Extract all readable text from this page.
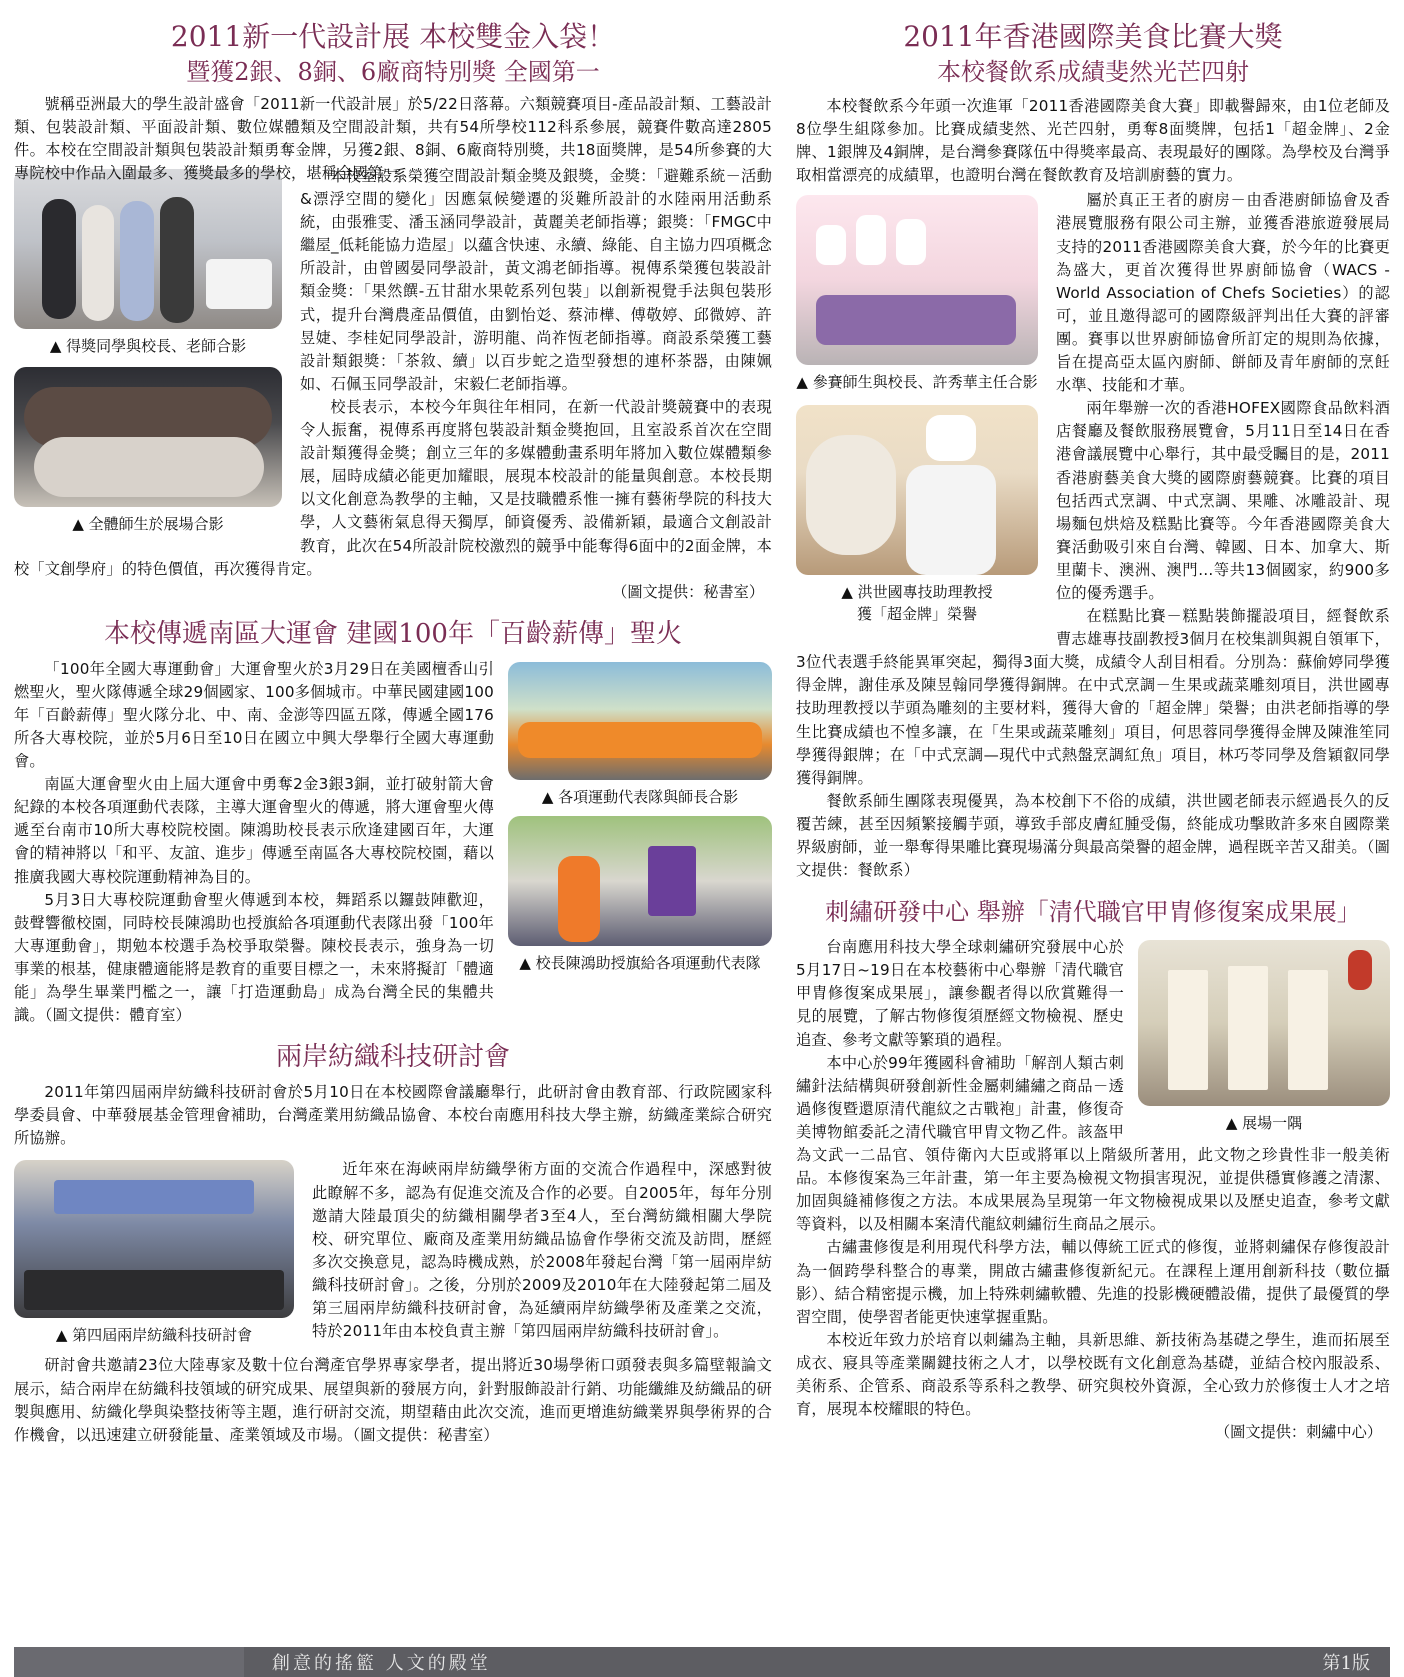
2011新一代設計展 本校雙金入袋！
暨獲2銀、8銅、6廠商特別獎 全國第一
▲ 得獎同學與校長、老師合影
▲ 全體師生於展場合影

號稱亞洲最大的學生設計盛會「2011新一代設計展」於5/22日落幕。六類競賽項目-產品設計類、工藝設計類、包裝設計類、平面設計類、數位媒體類及空間設計類，共有54所學校112科系參展，競賽件數高達2805件。本校在空間設計類與包裝設計類勇奪金牌，另獲2銀、8銅、6廠商特別獎，共18面獎牌，是54所參賽的大專院校中作品入圍最多、獲獎最多的學校，堪稱全國第一。

本校室設系榮獲空間設計類金獎及銀獎，金獎：「避難系統－活動&漂浮空間的變化」因應氣候變遷的災難所設計的水陸兩用活動系統，由張雅雯、潘玉涵同學設計，黃麗美老師指導；銀獎：「FMGC中繼屋_低耗能協力造屋」以蘊含快速、永續、綠能、自主協力四項概念所設計，由曾國晏同學設計，黃文鴻老師指導。視傳系榮獲包裝設計類金獎：「果然饌-五甘甜水果乾系列包裝」以創新視覺手法與包裝形式，提升台灣農產品價值，由劉怡彣、蔡沛樺、傅敬婷、邱微婷、許昱婕、李桂妃同學設計，游明龍、尚祚恆老師指導。商設系榮獲工藝設計類銀獎：「茶敘、續」以百步蛇之造型發想的連杯茶器，由陳姵如、石佩玉同學設計，宋毅仁老師指導。

校長表示，本校今年與往年相同，在新一代設計獎競賽中的表現令人振奮，視傳系再度將包裝設計類金獎抱回，且室設系首次在空間設計類獲得金獎；創立三年的多媒體動畫系明年將加入數位媒體類參展，屆時成績必能更加耀眼，展現本校設計的能量與創意。本校長期以文化創意為教學的主軸，又是技職體系惟一擁有藝術學院的科技大學，人文藝術氣息得天獨厚，師資優秀、設備新穎，最適合文創設計教育，此次在54所設計院校激烈的競爭中能奪得6面中的2面金牌，本校「文創學府」的特色價值，再次獲得肯定。

（圖文提供：秘書室）

本校傳遞南區大運會 建國100年「百齡薪傳」聖火
▲ 各項運動代表隊與師長合影
▲ 校長陳鴻助授旗給各項運動代表隊

「100年全國大專運動會」大運會聖火於3月29日在美國檀香山引燃聖火，聖火隊傳遞全球29個國家、100多個城市。中華民國建國100年「百齡薪傳」聖火隊分北、中、南、金澎等四區五隊，傳遞全國176所各大專校院，並於5月6日至10日在國立中興大學舉行全國大專運動會。

南區大運會聖火由上屆大運會中勇奪2金3銀3銅，並打破射箭大會紀錄的本校各項運動代表隊，主導大運會聖火的傳遞，將大運會聖火傳遞至台南市10所大專校院校園。陳鴻助校長表示欣逢建國百年，大運會的精神將以「和平、友誼、進步」傳遞至南區各大專校院校園，藉以推廣我國大專校院運動精神為目的。

5月3日大專校院運動會聖火傳遞到本校，舞蹈系以鑼鼓陣歡迎，鼓聲響徹校園，同時校長陳鴻助也授旗給各項運動代表隊出發「100年大專運動會」，期勉本校選手為校爭取榮譽。陳校長表示，強身為一切事業的根基，健康體適能將是教育的重要目標之一，未來將擬訂「體適能」為學生畢業門檻之一，讓「打造運動島」成為台灣全民的集體共識。（圖文提供：體育室）

兩岸紡織科技研討會

2011年第四屆兩岸紡織科技研討會於5月10日在本校國際會議廳舉行，此研討會由教育部、行政院國家科學委員會、中華發展基金管理會補助，台灣產業用紡織品協會、本校台南應用科技大學主辦，紡織產業綜合研究所協辦。

▲ 第四屆兩岸紡織科技研討會

近年來在海峽兩岸紡織學術方面的交流合作過程中，深感對彼此瞭解不多，認為有促進交流及合作的必要。自2005年，每年分別邀請大陸最頂尖的紡織相關學者3至4人，至台灣紡織相關大學院校、研究單位、廠商及產業用紡織品協會作學術交流及訪問，歷經多次交換意見，認為時機成熟，於2008年發起台灣「第一屆兩岸紡織科技研討會」。之後，分別於2009及2010年在大陸發起第二屆及第三屆兩岸紡織科技研討會，為延續兩岸紡織學術及產業之交流，特於2011年由本校負責主辦「第四屆兩岸紡織科技研討會」。

研討會共邀請23位大陸專家及數十位台灣產官學界專家學者，提出將近30場學術口頭發表與多篇壁報論文展示，結合兩岸在紡織科技領域的研究成果、展望與新的發展方向，針對服飾設計行銷、功能纖維及紡織品的研製與應用、紡織化學與染整技術等主題，進行研討交流，期望藉由此次交流，進而更增進紡織業界與學術界的合作機會，以迅速建立研發能量、產業領域及市場。（圖文提供：秘書室）

2011年香港國際美食比賽大獎
本校餐飲系成績斐然光芒四射

本校餐飲系今年頭一次進軍「2011香港國際美食大賽」即載譽歸來，由1位老師及8位學生組隊參加。比賽成績斐然、光芒四射，勇奪8面獎牌，包括1「超金牌」、2金牌、1銀牌及4銅牌，是台灣參賽隊伍中得獎率最高、表現最好的團隊。為學校及台灣爭取相當漂亮的成績單，也證明台灣在餐飲教育及培訓廚藝的實力。

▲ 參賽師生與校長、許秀華主任合影
▲ 洪世國專技助理教授
獲「超金牌」榮譽

屬於真正王者的廚房－由香港廚師協會及香港展覽服務有限公司主辦，並獲香港旅遊發展局支持的2011香港國際美食大賽，於今年的比賽更為盛大，更首次獲得世界廚師協會（WACS - World Association of Chefs Societies）的認可，並且邀得認可的國際級評判出任大賽的評審團。賽事以世界廚師協會所訂定的規則為依據，旨在提高亞太區內廚師、餅師及青年廚師的烹飪水準、技能和才華。

兩年舉辦一次的香港HOFEX國際食品飲料酒店餐廳及餐飲服務展覽會，5月11日至14日在香港會議展覽中心舉行，其中最受矚目的是，2011香港廚藝美食大獎的國際廚藝競賽。比賽的項目包括西式烹調、中式烹調、果雕、冰雕設計、現場麵包烘焙及糕點比賽等。今年香港國際美食大賽活動吸引來自台灣、韓國、日本、加拿大、斯里蘭卡、澳洲、澳門…等共13個國家，約900多位的優秀選手。

在糕點比賽－糕點裝飾擺設項目，經餐飲系曹志雄專技副教授3個月在校集訓與親自領軍下，3位代表選手終能異軍突起，獨得3面大獎，成績令人刮目相看。分別為：蘇偷婷同學獲得金牌，謝佳承及陳昱翰同學獲得銅牌。在中式烹調－生果或蔬菜雕刻項目，洪世國專技助理教授以芋頭為雕刻的主要材料，獲得大會的「超金牌」榮譽；由洪老師指導的學生比賽成績也不惶多讓，在「生果或蔬菜雕刻」項目，何思蓉同學獲得金牌及陳淮笙同學獲得銀牌；在「中式烹調—現代中式熱盤烹調紅魚」項目，林巧苓同學及詹穎叡同學獲得銅牌。

餐飲系師生團隊表現優異，為本校創下不俗的成績，洪世國老師表示經過長久的反覆苦練，甚至因頻繁接觸芋頭，導致手部皮膚紅腫受傷，終能成功擊敗許多來自國際業界級廚師，並一舉奪得果雕比賽現場滿分與最高榮譽的超金牌，過程既辛苦又甜美。（圖文提供：餐飲系）

刺繡研發中心 舉辦「清代職官甲胄修復案成果展」
▲ 展場一隅

台南應用科技大學全球刺繡研究發展中心於5月17日~19日在本校藝術中心舉辦「清代職官甲胄修復案成果展」，讓參觀者得以欣賞難得一見的展覽，了解古物修復須歷經文物檢視、歷史追查、參考文獻等繁瑣的過程。

本中心於99年獲國科會補助「解剖人類古刺繡針法結構與研發創新性金屬刺繡繡之商品－透過修復暨還原清代龍紋之古戰袍」計畫，修復奇美博物館委託之清代職官甲胄文物乙件。該盔甲為文武一二品官、領侍衛內大臣或將軍以上階級所著用，此文物之珍貴性非一般美術品。本修復案為三年計畫，第一年主要為檢視文物損害現況，並提供穩實修護之清潔、加固與縫補修復之方法。本成果展為呈現第一年文物檢視成果以及歷史追查，參考文獻等資料，以及相關本案清代龍紋刺繡衍生商品之展示。

古繡畫修復是利用現代科學方法，輔以傳統工匠式的修復，並將刺繡保存修復設計為一個跨學科整合的專業，開啟古繡畫修復新紀元。在課程上運用創新科技（數位攝影）、結合精密提示機，加上特殊刺繡軟體、先進的投影機硬體設備，提供了最優質的學習空間，使學習者能更快速掌握重點。

本校近年致力於培育以刺繡為主軸，具新思維、新技術為基礎之學生，進而拓展至成衣、寢具等產業關鍵技術之人才，以學校既有文化創意為基礎，並結合校內服設系、美術系、企管系、商設系等系科之教學、研究與校外資源，全心致力於修復士人才之培育，展現本校耀眼的特色。

（圖文提供：刺繡中心）

創意的搖籃 人文的殿堂	第1版
